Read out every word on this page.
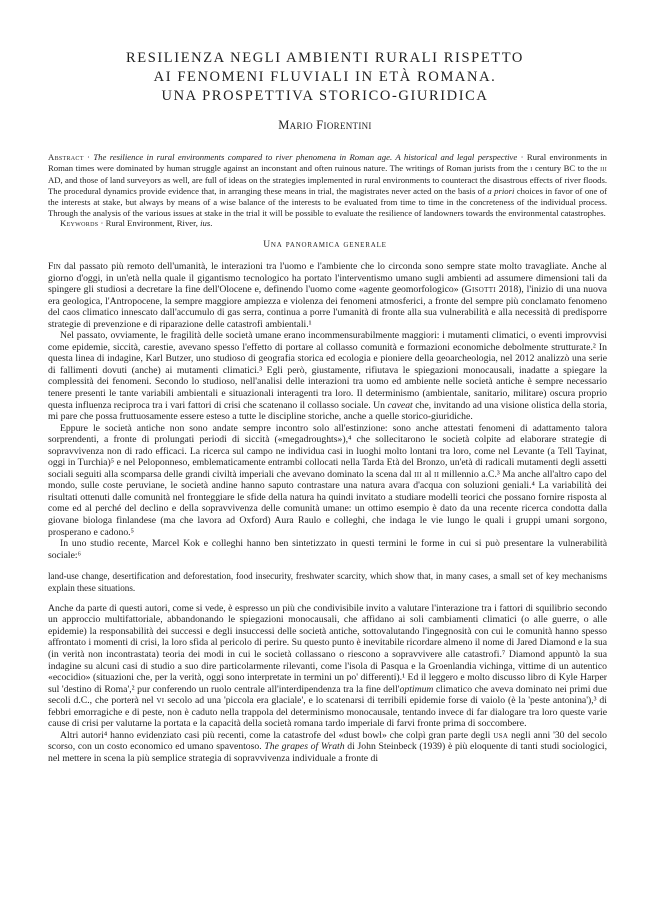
RESILIENZA NEGLI AMBIENTI RURALI RISPETTO
AI FENOMENI FLUVIALI IN ETÀ ROMANA.
UNA PROSPETTIVA STORICO-GIURIDICA
Mario Fiorentini
Abstract · The resilience in rural environments compared to river phenomena in Roman age. A historical and legal perspective · Rural environments in Roman times were dominated by human struggle against an inconstant and often ruinous nature. The writings of Roman jurists from the i century BC to the iii AD, and those of land surveyors as well, are full of ideas on the strategies implemented in rural environments to counteract the disastrous effects of river floods. The procedural dynamics provide evidence that, in arranging these means in trial, the magistrates never acted on the basis of a priori choices in favor of one of the interests at stake, but always by means of a wise balance of the interests to be evaluated from time to time in the concreteness of the individual process. Through the analysis of the various issues at stake in the trial it will be possible to evaluate the resilience of landowners towards the environmental catastrophes.
Keywords · Rural Environment, River, ius.
Una panoramica generale

Fin dal passato più remoto dell'umanità, le interazioni tra l'uomo e l'ambiente che lo circonda sono sempre state molto travagliate. Anche al giorno d'oggi, in un'età nella quale il gigantismo tecnologico ha portato l'interventismo umano sugli ambienti ad assumere dimensioni tali da spingere gli studiosi a decretare la fine dell'Olocene e, definendo l'uomo come «agente geomorfologico» (Gisotti 2018), l'inizio di una nuova era geologica, l'Antropocene, la sempre maggiore ampiezza e violenza dei fenomeni atmosferici, a fronte del sempre più conclamato fenomeno del caos climatico innescato dall'accumulo di gas serra, continua a porre l'umanità di fronte alla sua vulnerabilità e alla necessità di predisporre strategie di prevenzione e di riparazione delle catastrofi ambientali.¹

Nel passato, ovviamente, le fragilità delle società umane erano incommensurabilmente maggiori: i mutamenti climatici, o eventi improvvisi come epidemie, siccità, carestie, avevano spesso l'effetto di portare al collasso comunità e formazioni economiche debolmente strutturate.² In questa linea di indagine, Karl Butzer, uno studioso di geografia storica ed ecologia e pioniere della geoarcheologia, nel 2012 analizzò una serie di fallimenti dovuti (anche) ai mutamenti climatici.³ Egli però, giustamente, rifiutava le spiegazioni monocausali, inadatte a spiegare la complessità dei fenomeni. Secondo lo studioso, nell'analisi delle interazioni tra uomo ed ambiente nelle società antiche è sempre necessario tenere presenti le tante variabili ambientali e situazionali interagenti tra loro. Il determinismo (ambientale, sanitario, militare) oscura proprio questa influenza reciproca tra i vari fattori di crisi che scatenano il collasso sociale. Un caveat che, invitando ad una visione olistica della storia, mi pare che possa fruttuosamente essere esteso a tutte le discipline storiche, anche a quelle storico-giuridiche.

Eppure le società antiche non sono andate sempre incontro solo all'estinzione: sono anche attestati fenomeni di adattamento talora sorprendenti, a fronte di prolungati periodi di siccità («megadroughts»),⁴ che sollecitarono le società colpite ad elaborare strategie di sopravvivenza non di rado efficaci. La ricerca sul campo ne individua casi in luoghi molto lontani tra loro, come nel Levante (a Tell Tayinat, oggi in Turchia)⁵ e nel Peloponneso, emblematicamente entrambi collocati nella Tarda Età del Bronzo, un'età di radicali mutamenti degli assetti sociali seguiti alla scomparsa delle grandi civiltà imperiali che avevano dominato la scena dal iii al ii millennio a.C.³ Ma anche all'altro capo del mondo, sulle coste peruviane, le società andine hanno saputo contrastare una natura avara d'acqua con soluzioni geniali.⁴ La variabilità dei risultati ottenuti dalle comunità nel fronteggiare le sfide della natura ha quindi invitato a studiare modelli teorici che possano fornire risposta al come ed al perché del declino e della sopravvivenza delle comunità umane: un ottimo esempio è dato da una recente ricerca condotta dalla giovane biologa finlandese (ma che lavora ad Oxford) Aura Raulo e colleghi, che indaga le vie lungo le quali i gruppi umani sorgono, prosperano e cadono.⁵

In uno studio recente, Marcel Kok e colleghi hanno ben sintetizzato in questi termini le forme in cui si può presentare la vulnerabilità sociale:⁶

land-use change, desertification and deforestation, food insecurity, freshwater scarcity, which show that, in many cases, a small set of key mechanisms explain these situations.

Anche da parte di questi autori, come si vede, è espresso un più che condivisibile invito a valutare l'interazione tra i fattori di squilibrio secondo un approccio multifattoriale, abbandonando le spiegazioni monocausali, che affidano ai soli cambiamenti climatici (o alle guerre, o alle epidemie) la responsabilità dei successi e degli insuccessi delle società antiche, sottovalutando l'ingegnosità con cui le comunità hanno spesso affrontato i momenti di crisi, la loro sfida al pericolo di perire. Su questo punto è inevitabile ricordare almeno il nome di Jared Diamond e la sua (in verità non incontrastata) teoria dei modi in cui le società collassano o riescono a sopravvivere alle catastrofi.⁷ Diamond appuntò la sua indagine su alcuni casi di studio a suo dire particolarmente rilevanti, come l'isola di Pasqua e la Groenlandia vichinga, vittime di un autentico «ecocidio» (situazioni che, per la verità, oggi sono interpretate in termini un po' differenti).¹ Ed il leggero e molto discusso libro di Kyle Harper sul 'destino di Roma',² pur conferendo un ruolo centrale all'interdipendenza tra la fine dell'optimum climatico che aveva dominato nei primi due secoli d.C., che porterà nel vi secolo ad una 'piccola era glaciale', e lo scatenarsi di terribili epidemie forse di vaiolo (è la 'peste antonina'),³ di febbri emorragiche e di peste, non è caduto nella trappola del determinismo monocausale, tentando invece di far dialogare tra loro queste varie cause di crisi per valutarne la portata e la capacità della società romana tardo imperiale di farvi fronte prima di soccombere.

Altri autori⁴ hanno evidenziato casi più recenti, come la catastrofe del «dust bowl» che colpì gran parte degli usa negli anni '30 del secolo scorso, con un costo economico ed umano spaventoso. The grapes of Wrath di John Steinbeck (1939) è più eloquente di tanti studi sociologici, nel mettere in scena la più semplice strategia di sopravvivenza individuale a fronte di
